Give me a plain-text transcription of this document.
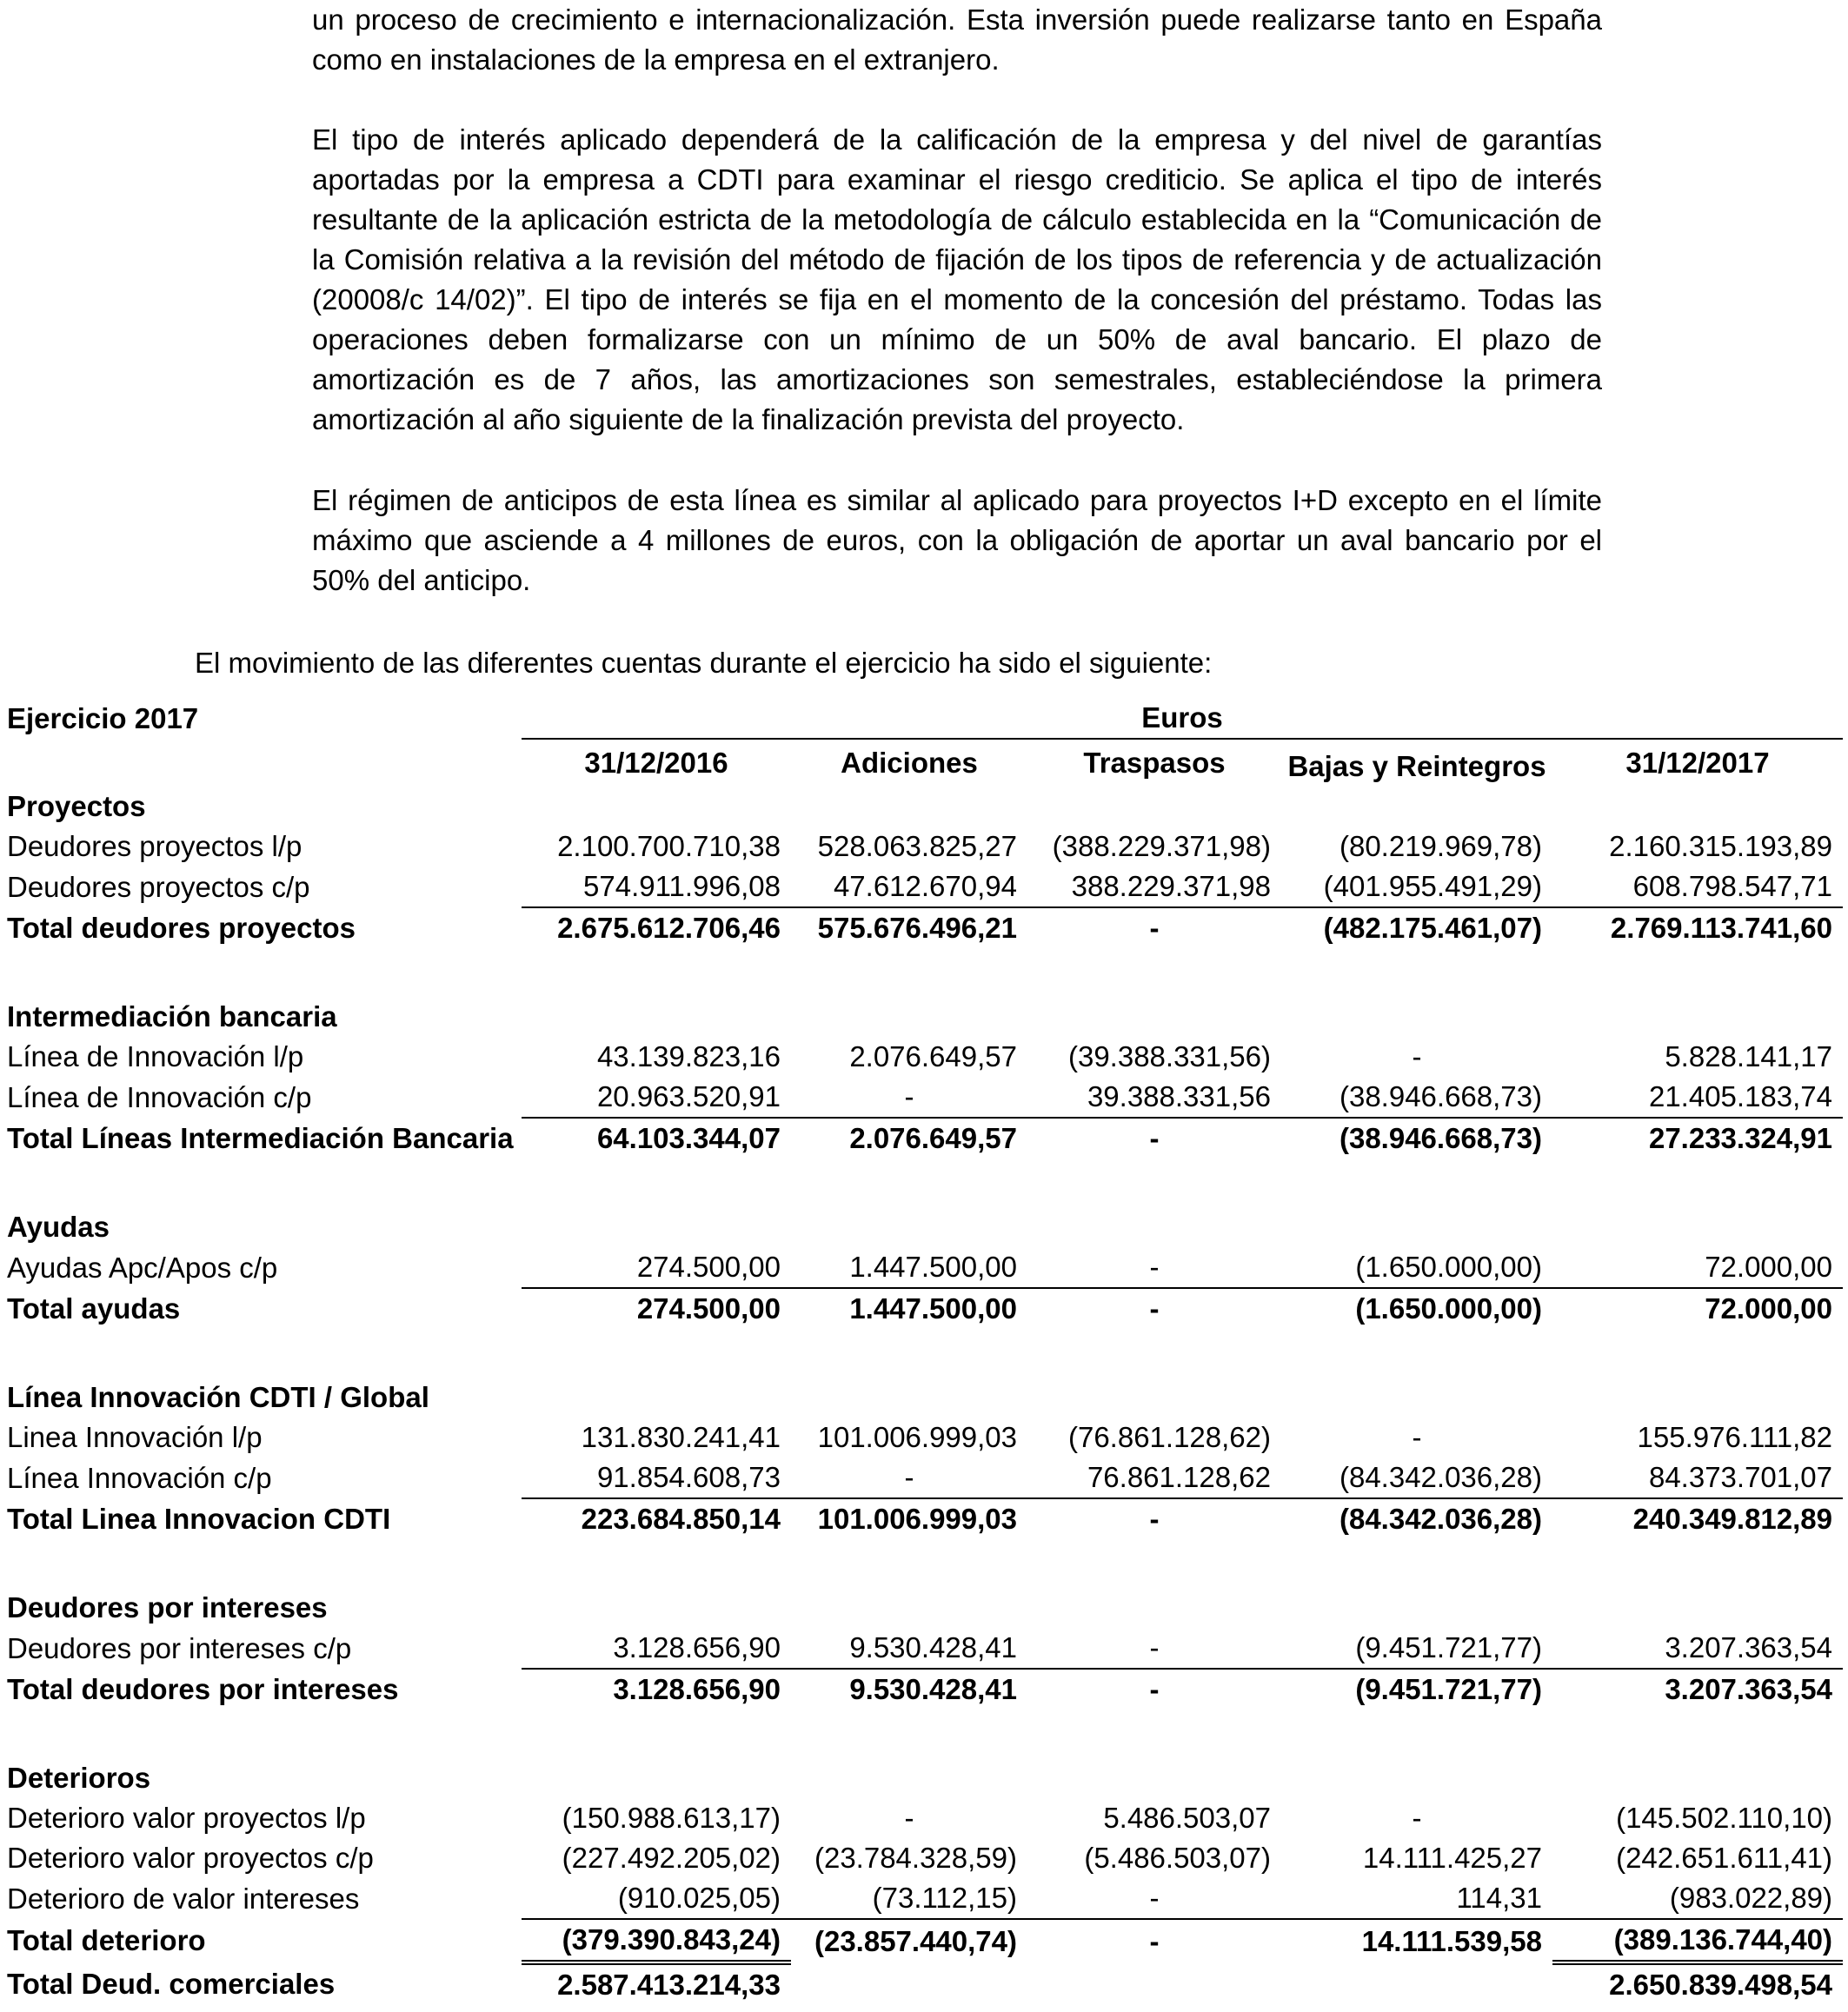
un proceso de crecimiento e internacionalización. Esta inversión puede realizarse tanto en España como en instalaciones de la empresa en el extranjero.

El tipo de interés aplicado dependerá de la calificación de la empresa y del nivel de garantías aportadas por la empresa a CDTI para examinar el riesgo crediticio. Se aplica el tipo de interés resultante de la aplicación estricta de la metodología de cálculo establecida en la “Comunicación de la Comisión relativa a la revisión del método de fijación de los tipos de referencia y de actualización (20008/c 14/02)”. El tipo de interés se fija en el momento de la concesión del préstamo. Todas las operaciones deben formalizarse con un mínimo de un 50% de aval bancario. El plazo de amortización es de 7 años, las amortizaciones son semestrales, estableciéndose la primera amortización al año siguiente de la finalización prevista del proyecto.

El régimen de anticipos de esta línea es similar al aplicado para proyectos I+D excepto en el límite máximo que asciende a 4 millones de euros, con la obligación de aportar un aval bancario por el 50% del anticipo.

El movimiento de las diferentes cuentas durante el ejercicio ha sido el siguiente:

Ejercicio 2017	Euros				
	31/12/2016	Adiciones	Traspasos	Bajas y Reintegros	31/12/2017
Proyectos					
Deudores proyectos l/p	2.100.700.710,38	528.063.825,27	(388.229.371,98)	(80.219.969,78)	2.160.315.193,89
Deudores proyectos c/p	574.911.996,08	47.612.670,94	388.229.371,98	(401.955.491,29)	608.798.547,71
Total deudores proyectos	2.675.612.706,46	575.676.496,21	-	(482.175.461,07)	2.769.113.741,60

Intermediación bancaria					
Línea de Innovación l/p	43.139.823,16	2.076.649,57	(39.388.331,56)	-	5.828.141,17
Línea de Innovación c/p	20.963.520,91	-	39.388.331,56	(38.946.668,73)	21.405.183,74
Total Líneas Intermediación Bancaria	64.103.344,07	2.076.649,57	-	(38.946.668,73)	27.233.324,91

Ayudas					
Ayudas Apc/Apos c/p	274.500,00	1.447.500,00	-	(1.650.000,00)	72.000,00
Total ayudas	274.500,00	1.447.500,00	-	(1.650.000,00)	72.000,00

Línea Innovación CDTI / Global					
Linea Innovación l/p	131.830.241,41	101.006.999,03	(76.861.128,62)	-	155.976.111,82
Línea Innovación c/p	91.854.608,73	-	76.861.128,62	(84.342.036,28)	84.373.701,07
Total Linea Innovacion CDTI	223.684.850,14	101.006.999,03	-	(84.342.036,28)	240.349.812,89

Deudores por intereses					
Deudores por intereses c/p	3.128.656,90	9.530.428,41	-	(9.451.721,77)	3.207.363,54
Total deudores por intereses	3.128.656,90	9.530.428,41	-	(9.451.721,77)	3.207.363,54

Deterioros					
Deterioro valor proyectos l/p	(150.988.613,17)	-	5.486.503,07	-	(145.502.110,10)
Deterioro valor proyectos c/p	(227.492.205,02)	(23.784.328,59)	(5.486.503,07)	14.111.425,27	(242.651.611,41)
Deterioro de valor intereses	(910.025,05)	(73.112,15)	-	114,31	(983.022,89)
Total deterioro	(379.390.843,24)	(23.857.440,74)	-	14.111.539,58	(389.136.744,40)
Total Deud. comerciales	2.587.413.214,33				2.650.839.498,54
